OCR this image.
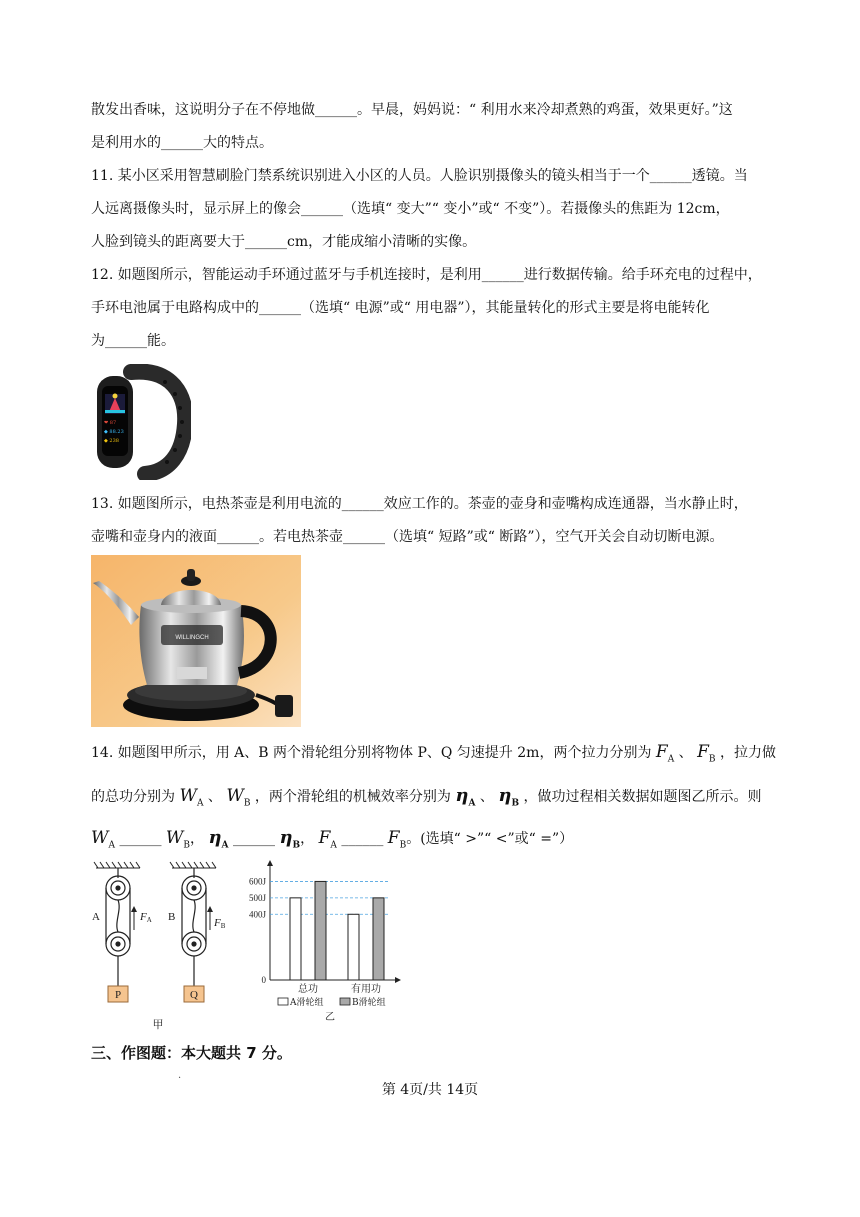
散发出香味，这说明分子在不停地做______。早晨，妈妈说：“ 利用水来冷却煮熟的鸡蛋，效果更好。”这
是利用水的______大的特点。
11. 某小区采用智慧刷脸门禁系统识别进入小区的人员。人脸识别摄像头的镜头相当于一个______透镜。当
人远离摄像头时，显示屏上的像会______（选填“ 变大”“ 变小”或“ 不变”）。若摄像头的焦距为 12cm，
人脸到镜头的距离要大于______cm，才能成缩小清晰的实像。
12. 如题图所示，智能运动手环通过蓝牙与手机连接时，是利用______进行数据传输。给手环充电的过程中，
手环电池属于电路构成中的______（选填“ 电源”或“ 用电器”），其能量转化的形式主要是将电能转化
为______能。
❤ 87
◆ 88.23
◆ 238
13. 如题图所示，电热茶壶是利用电流的______效应工作的。茶壶的壶身和壶嘴构成连通器，当水静止时，
壶嘴和壶身内的液面______。若电热茶壶______（选填“ 短路”或“ 断路”），空气开关会自动切断电源。
WILLINGCH
14. 如题图甲所示，用 A、B 两个滑轮组分别将物体 P、Q 匀速提升 2m，两个拉力分别为 $F_A$ 、 $F_B$ ，拉力做
的总功分别为 $W_A$ 、 $W_B$ ，两个滑轮组的机械效率分别为 $\eta_A$ 、 $\eta_B$ ，做功过程相关数据如题图乙所示。则
$W_A$ ______ $W_B$， $\eta_A$ ______ $\eta_B$， $F_A$ ______ $F_B$。(选填“ >”“ <”或“ =”）
A	FA
P
B	FB
Q
甲
0
400J
500J
600J
总功	有用功
A滑轮组	B滑轮组
乙
三、作图题：本大题共 7 分。
·
第 4页/共 14页
